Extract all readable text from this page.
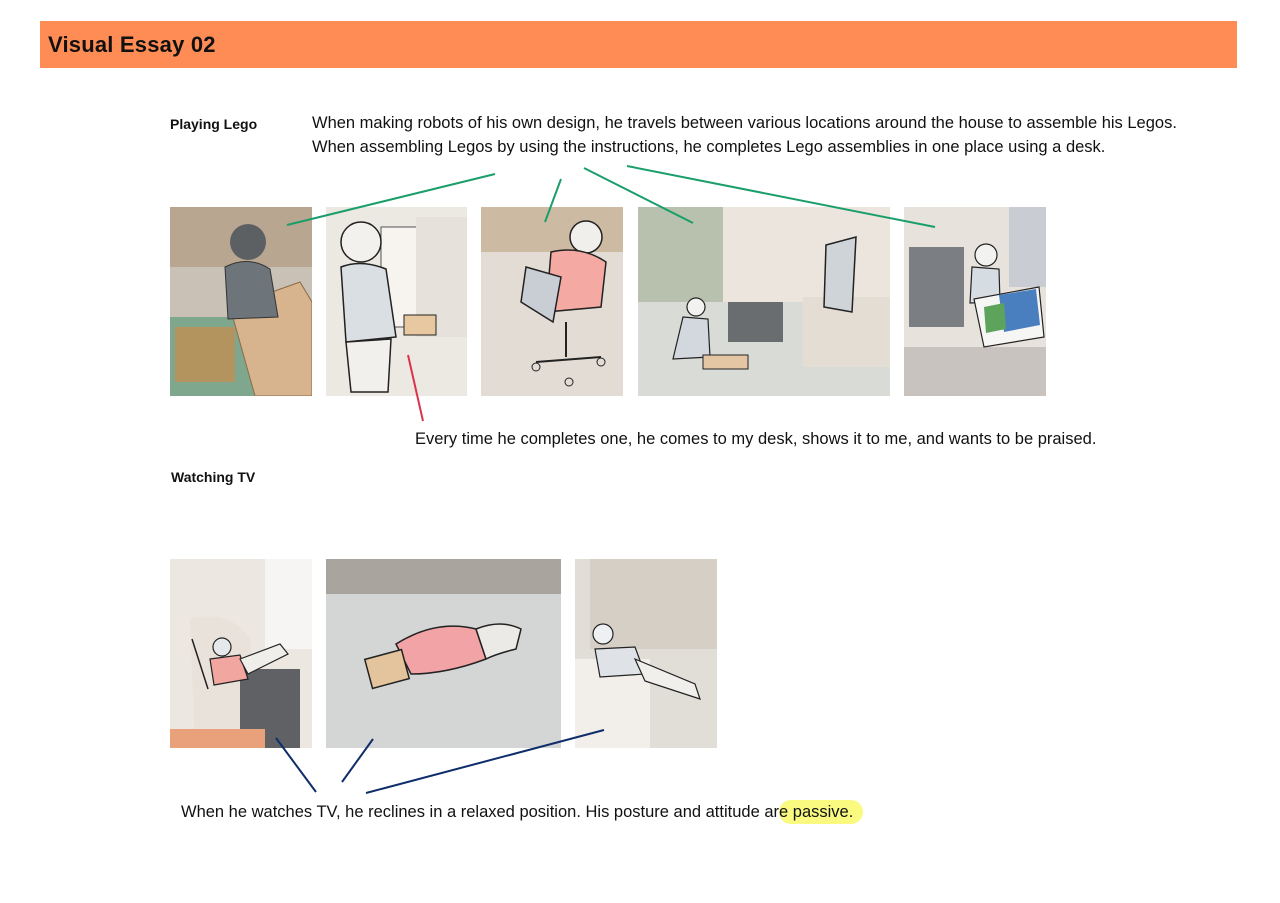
Visual Essay 02
Playing Lego	When making robots of his own design, he travels between various locations around the house to assemble his Legos. When assembling Legos by using the instructions, he completes Lego assemblies in one place using a desk.
Every time he completes one, he comes to my desk, shows it to me, and wants to be praised.
Watching TV
When he watches TV, he reclines in a relaxed position. His posture and attitude are passive.
